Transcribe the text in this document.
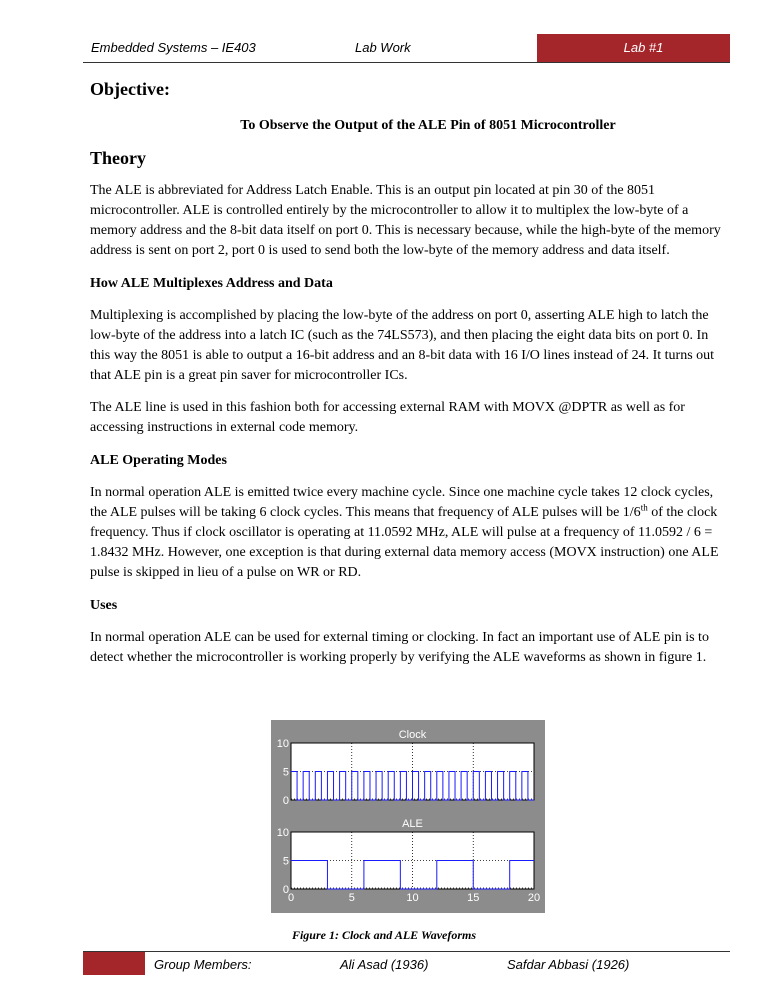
Embedded Systems – IE403	Lab Work	Lab #1
Objective:
To Observe the Output of the ALE Pin of 8051 Microcontroller
Theory

The ALE is abbreviated for Address Latch Enable. This is an output pin located at pin 30 of the 8051 microcontroller. ALE is controlled entirely by the microcontroller to allow it to multiplex the low-byte of a memory address and the 8-bit data itself on port 0. This is necessary because, while the high-byte of the memory address is sent on port 2, port 0 is used to send both the low-byte of the memory address and data itself.

How ALE Multiplexes Address and Data

Multiplexing is accomplished by placing the low-byte of the address on port 0, asserting ALE high to latch the low-byte of the address into a latch IC (such as the 74LS573), and then placing the eight data bits on port 0. In this way the 8051 is able to output a 16-bit address and an 8-bit data with 16 I/O lines instead of 24. It turns out that ALE pin is a great pin saver for microcontroller ICs.

The ALE line is used in this fashion both for accessing external RAM with MOVX @DPTR as well as for accessing instructions in external code memory.

ALE Operating Modes

In normal operation ALE is emitted twice every machine cycle. Since one machine cycle takes 12 clock cycles, the ALE pulses will be taking 6 clock cycles. This means that frequency of ALE pulses will be 1/6th of the clock frequency. Thus if clock oscillator is operating at 11.0592 MHz, ALE will pulse at a frequency of 11.0592 / 6 = 1.8432 MHz. However, one exception is that during external data memory access (MOVX instruction) one ALE pulse is skipped in lieu of a pulse on WR or RD.

Uses

In normal operation ALE can be used for external timing or clocking. In fact an important use of ALE pin is to detect whether the microcontroller is working properly by verifying the ALE waveforms as shown in figure 1.

Clock
0
5
10
ALE
0
5
10
0	5	10	15	20
Figure 1: Clock and ALE Waveforms
Group Members:	Ali Asad (1936)	Safdar Abbasi (1926)
